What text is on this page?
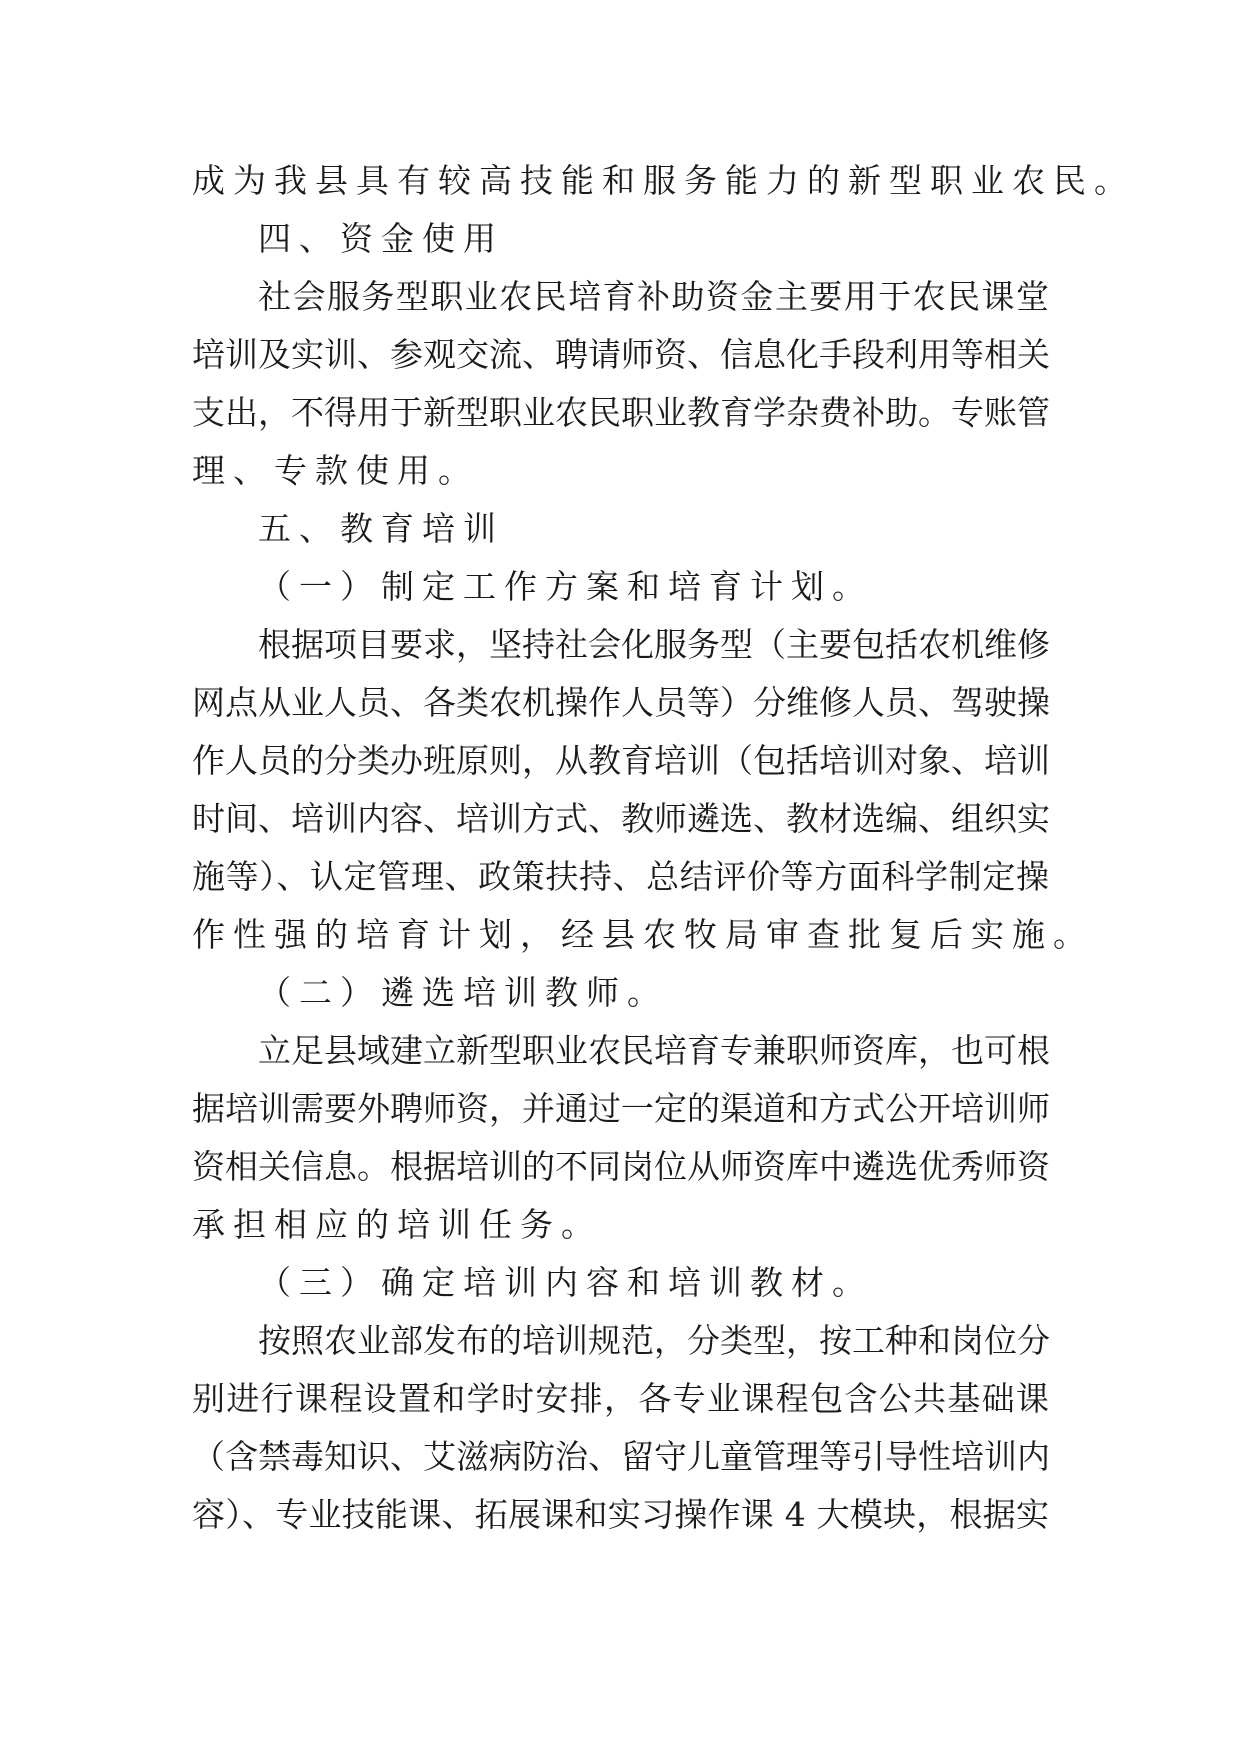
成为我县具有较高技能和服务能力的新型职业农民。
四、资金使用
社会服务型职业农民培育补助资金主要用于农民课堂
培训及实训、参观交流、聘请师资、信息化手段利用等相关
支出，不得用于新型职业农民职业教育学杂费补助。专账管
理、专款使用。
五、教育培训
（一）制定工作方案和培育计划。
根据项目要求，坚持社会化服务型（主要包括农机维修
网点从业人员、各类农机操作人员等）分维修人员、驾驶操
作人员的分类办班原则，从教育培训（包括培训对象、培训
时间、培训内容、培训方式、教师遴选、教材选编、组织实
施等）、认定管理、政策扶持、总结评价等方面科学制定操
作性强的培育计划，经县农牧局审查批复后实施。
（二）遴选培训教师。
立足县域建立新型职业农民培育专兼职师资库，也可根
据培训需要外聘师资，并通过一定的渠道和方式公开培训师
资相关信息。根据培训的不同岗位从师资库中遴选优秀师资
承担相应的培训任务。
（三）确定培训内容和培训教材。
按照农业部发布的培训规范，分类型，按工种和岗位分
别进行课程设置和学时安排，各专业课程包含公共基础课
（含禁毒知识、艾滋病防治、留守儿童管理等引导性培训内
容）、专业技能课、拓展课和实习操作课 4 大模块，根据实
